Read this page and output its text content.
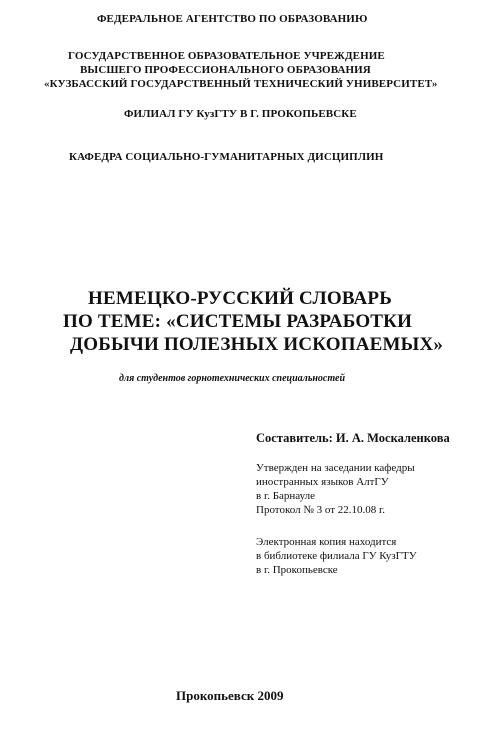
ФЕДЕРАЛЬНОЕ АГЕНТСТВО ПО ОБРАЗОВАНИЮ
ГОСУДАРСТВЕННОЕ ОБРАЗОВАТЕЛЬНОЕ УЧРЕЖДЕНИЕ
ВЫСШЕГО ПРОФЕССИОНАЛЬНОГО ОБРАЗОВАНИЯ
«КУЗБАССКИЙ ГОСУДАРСТВЕННЫЙ ТЕХНИЧЕСКИЙ УНИВЕРСИТЕТ»
ФИЛИАЛ ГУ КузГТУ В Г. ПРОКОПЬЕВСКЕ
КАФЕДРА СОЦИАЛЬНО-ГУМАНИТАРНЫХ ДИСЦИПЛИН
НЕМЕЦКО-РУССКИЙ СЛОВАРЬ
ПО ТЕМЕ: «СИСТЕМЫ РАЗРАБОТКИ
ДОБЫЧИ ПОЛЕЗНЫХ ИСКОПАЕМЫХ»
для студентов горнотехнических специальностей
Составитель: И. А. Москаленкова
Утвержден на заседании кафедры
иностранных языков АлтГУ
в г. Барнауле
Протокол № 3 от 22.10.08 г.
Электронная копия находится
в библиотеке филиала ГУ КузГТУ
в г. Прокопьевске
Прокопьевск 2009
